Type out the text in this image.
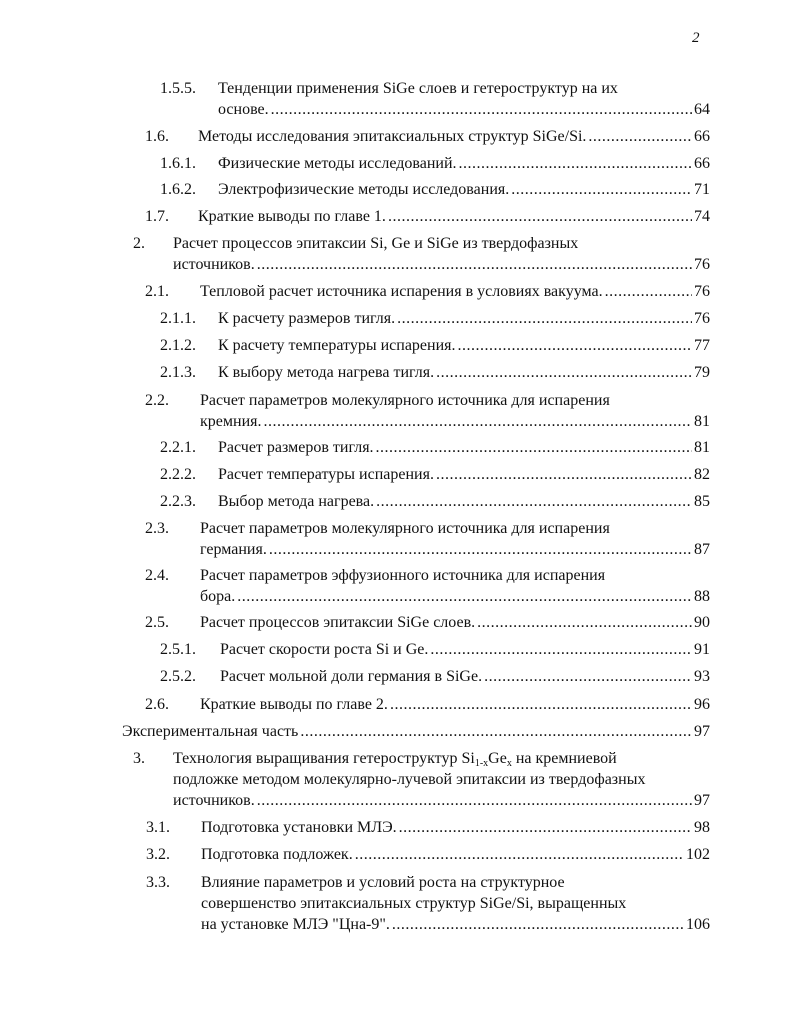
2
1.5.5. Тенденции применения SiGe слоев и гетероструктур на их
основе. .....	64
1.6. Методы исследования эпитаксиальных структур SiGe/Si. .....	66
1.6.1. Физические методы исследований. .....	66
1.6.2. Электрофизические методы исследования. .....	71
1.7. Краткие выводы по главе 1. .....	74
2. Расчет процессов эпитаксии Si, Ge и SiGe из твердофазных
источников. .....	76
2.1. Тепловой расчет источника испарения в условиях вакуума. .....	76
2.1.1. К расчету размеров тигля. .....	76
2.1.2. К расчету температуры испарения. .....	77
2.1.3. К выбору метода нагрева тигля. .....	79
2.2. Расчет параметров молекулярного источника для испарения
кремния. .....	81
2.2.1. Расчет размеров тигля. .....	81
2.2.2. Расчет температуры испарения. .....	82
2.2.3. Выбор метода нагрева. .....	85
2.3. Расчет параметров молекулярного источника для испарения
германия. .....	87
2.4. Расчет параметров эффузионного источника для испарения
бора. .....	88
2.5. Расчет процессов эпитаксии SiGe слоев. .....	90
2.5.1. Расчет скорости роста Si и Ge. .....	91
2.5.2. Расчет мольной доли германия в SiGe. .....	93
2.6. Краткие выводы по главе 2. .....	96
Экспериментальная часть .....	97
3. Технология выращивания гетероструктур $Si_{1-x}Ge_x$ на кремниевой
подложке методом молекулярно-лучевой эпитаксии из твердофазных
источников. .....	97
3.1. Подготовка установки МЛЭ. .....	98
3.2. Подготовка подложек. .....	102
3.3. Влияние параметров и условий роста на структурное
совершенство эпитаксиальных структур SiGe/Si, выращенных
на установке МЛЭ "Цна-9". .....	106
